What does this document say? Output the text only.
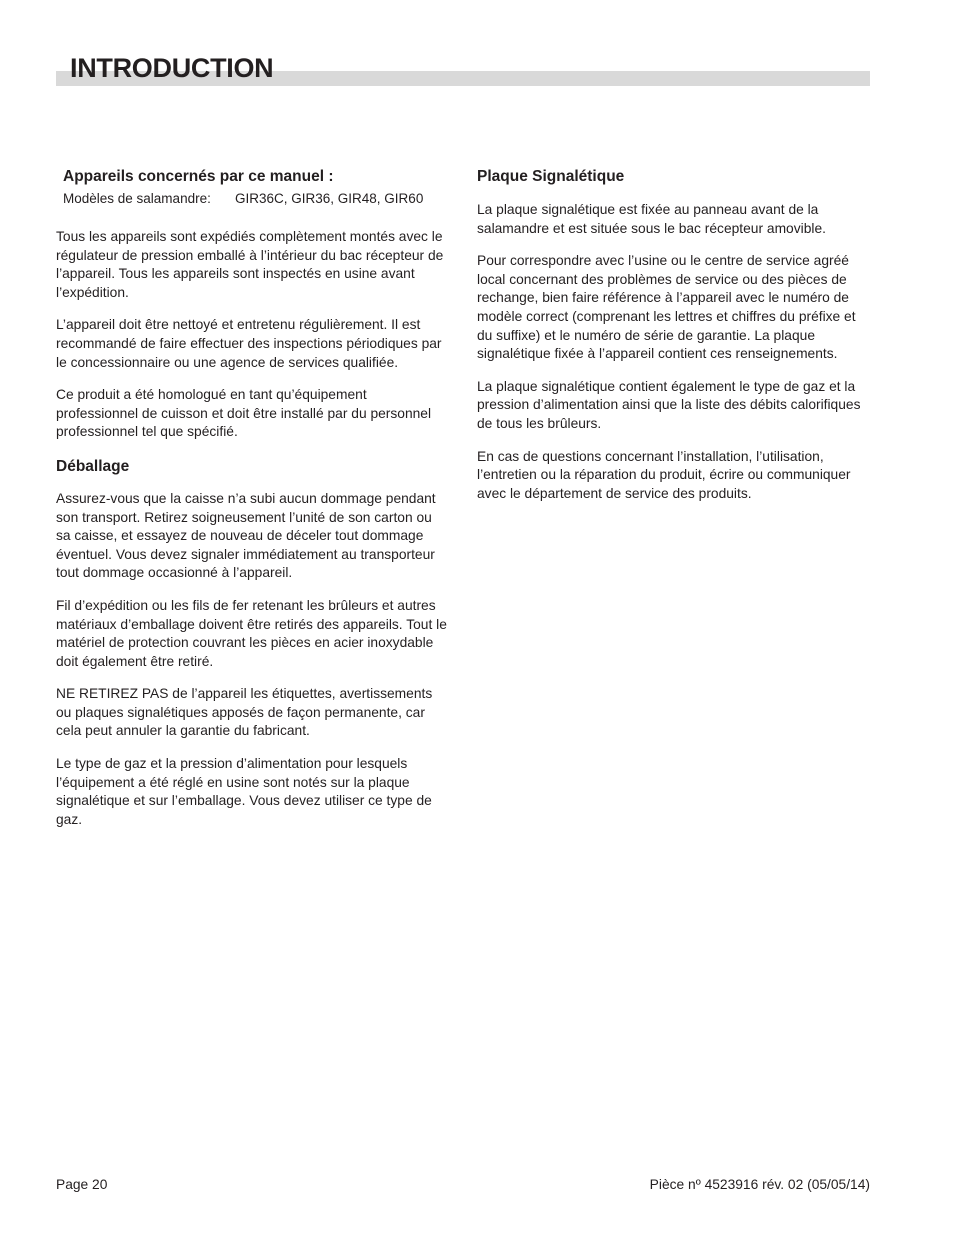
INTRODUCTION
Appareils concernés par ce manuel :
Modèles de salamandre: GIR36C, GIR36, GIR48, GIR60

Tous les appareils sont expédiés complètement montés avec le régulateur de pression emballé à l’intérieur du bac récepteur de l’appareil. Tous les appareils sont inspectés en usine avant l’expédition.

L’appareil doit être nettoyé et entretenu régulièrement. Il est recommandé de faire effectuer des inspections périodiques par le concessionnaire ou une agence de services qualifiée.

Ce produit a été homologué en tant qu’équipement professionnel de cuisson et doit être installé par du personnel professionnel tel que spécifié.

Déballage

Assurez-vous que la caisse n’a subi aucun dommage pendant son transport. Retirez soigneusement l’unité de son carton ou sa caisse, et essayez de nouveau de déceler tout dommage éventuel. Vous devez signaler immédiatement au transporteur tout dommage occasionné à l’appareil.

Fil d’expédition ou les fils de fer retenant les brûleurs et autres matériaux d’emballage doivent être retirés des appareils. Tout le matériel de protection couvrant les pièces en acier inoxydable doit également être retiré.

NE RETIREZ PAS de l’appareil les étiquettes, avertissements ou plaques signalétiques apposés de façon permanente, car cela peut annuler la garantie du fabricant.

Le type de gaz et la pression d’alimentation pour lesquels l’équipement a été réglé en usine sont notés sur la plaque signalétique et sur l’emballage. Vous devez utiliser ce type de gaz.

Plaque Signalétique

La plaque signalétique est fixée au panneau avant de la salamandre et est située sous le bac récepteur amovible.

Pour correspondre avec l’usine ou le centre de service agréé local concernant des problèmes de service ou des pièces de rechange, bien faire référence à l’appareil avec le numéro de modèle correct (comprenant les lettres et chiffres du préfixe et du suffixe) et le numéro de série de garantie. La plaque signalétique fixée à l’appareil contient ces renseignements.

La plaque signalétique contient également le type de gaz et la pression d’alimentation ainsi que la liste des débits calorifiques de tous les brûleurs.

En cas de questions concernant l’installation, l’utilisation, l’entretien ou la réparation du produit, écrire ou communiquer avec le département de service des produits.

Page 20	Pièce nº 4523916 rév. 02 (05/05/14)
